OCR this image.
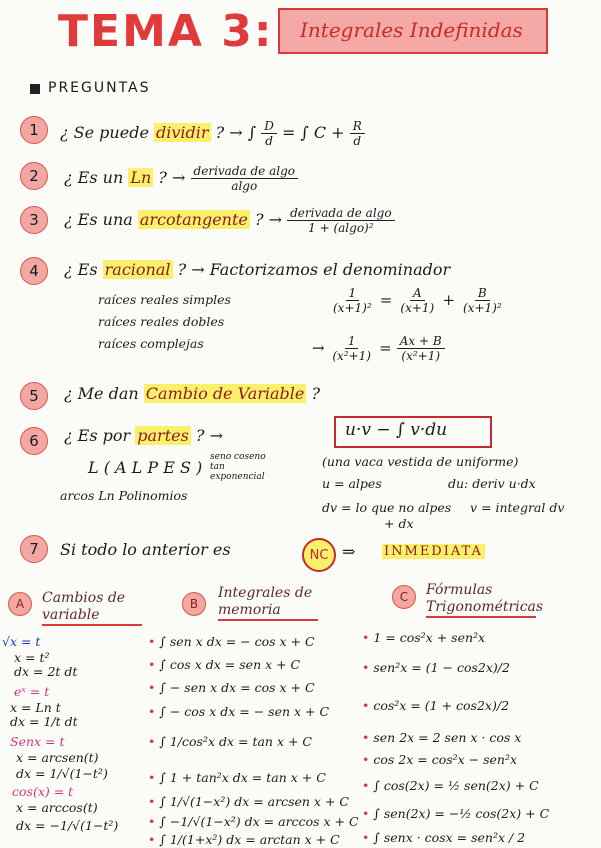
TEMA 3: Integrales Indefinidas
PREGUNTAS
1	¿ Se puede dividir ? → ∫ $\frac{D}{d}$ = ∫ $C + \frac{R}{d}$
2	¿ Es un Ln ? → $\frac{\text{derivada de algo}}{algo}$
3	¿ Es una arcotangente ? → $\frac{\text{derivada de algo}}{\text{1 + (algo)²}}$
4	¿ Es racional ? → Factorizamos el denominador
raíces reales simples	$\frac{1}{\text{(x+1)²}} = \frac{A}{(x+1)} + \frac{B}{\text{(x+1)²}}$
raíces reales dobles
raíces complejas	→ $\frac{1}{\text{(x²+1)}} = \frac{Ax + B}{\text{(x²+1)}}$
5	¿ Me dan Cambio de Variable ?
6	¿ Es por partes ? →	u·v − ∫ v·du
L ( A L P E S )
seno coseno tan exponencial
arcos Ln Polinomios
(una vaca vestida de uniforme)
u = alpes	du: deriv u·dx
dv = lo que no alpes v = integral dv
+ dx
7	Si todo lo anterior es	NC ⇒ INMEDIATA
A	Cambios de variable
B
Integrales de memoria
C	Fórmulas Trigonométricas
√x = t
x = t²
dx = 2t dt
eˣ = t
x = Ln t
dx = 1/t dt
Senx = t
x = arcsen(t)
dx = 1/√(1−t²)
cos(x) = t
x = arccos(t)
dx = −1/√(1−t²)
• ∫ sen x dx = − cos x + C
• ∫ cos x dx = sen x + C
• ∫ − sen x dx = cos x + C
• ∫ − cos x dx = − sen x + C
• ∫ 1/cos²x dx = tan x + C
• ∫ 1 + tan²x dx = tan x + C
• ∫ 1/√(1−x²) dx = arcsen x + C
• ∫ −1/√(1−x²) dx = arccos x + C
• ∫ 1/(1+x²) dx = arctan x + C
• 1 = cos²x + sen²x
• sen²x = (1 − cos2x)/2
• cos²x = (1 + cos2x)/2
• sen 2x = 2 sen x · cos x
• cos 2x = cos²x − sen²x
• ∫ cos(2x) = ½ sen(2x) + C
• ∫ sen(2x) = −½ cos(2x) + C
• ∫ senx · cosx = sen²x / 2
